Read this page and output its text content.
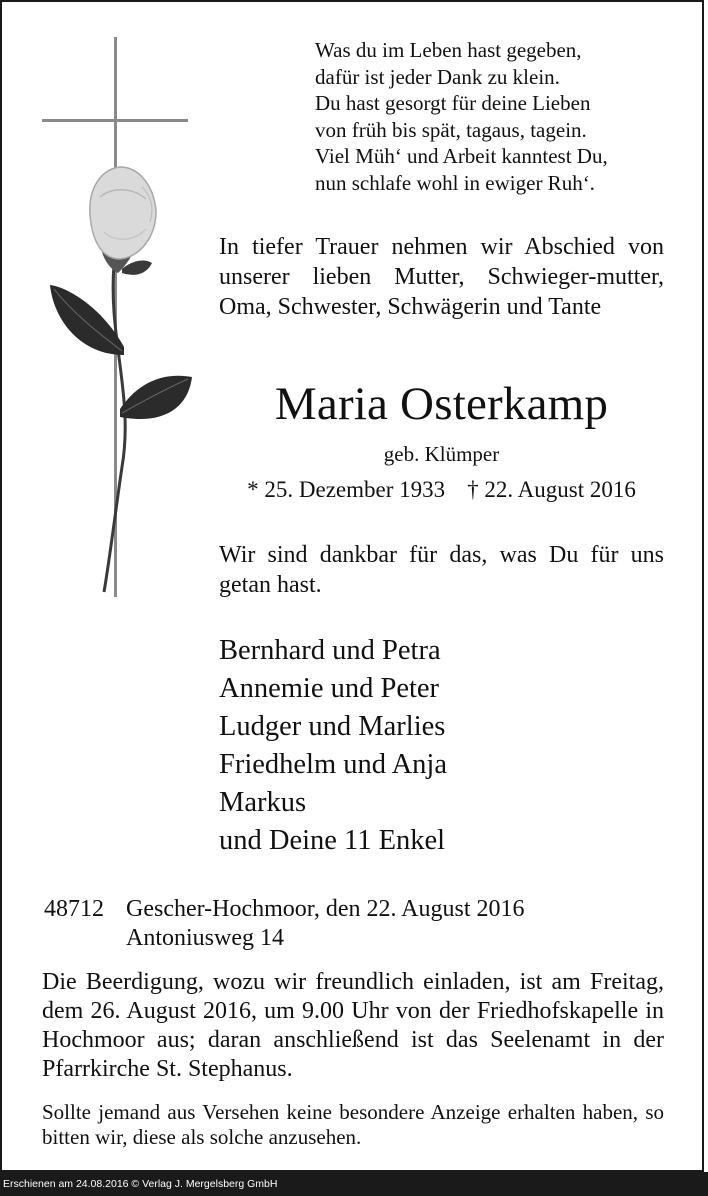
Was du im Leben hast gegeben,
dafür ist jeder Dank zu klein.
Du hast gesorgt für deine Lieben
von früh bis spät, tagaus, tagein.
Viel Müh‘ und Arbeit kanntest Du,
nun schlafe wohl in ewiger Ruh‘.
In tiefer Trauer nehmen wir Abschied von unserer lieben Mutter, Schwieger-mutter, Oma, Schwester, Schwägerin und Tante
Maria Osterkamp
geb. Klümper
* 25. Dezember 1933 † 22. August 2016
Wir sind dankbar für das, was Du für uns getan hast.
Bernhard und Petra
Annemie und Peter
Ludger und Marlies
Friedhelm und Anja
Markus
und Deine 11 Enkel
48712 Gescher-Hochmoor, den 22. August 2016
Antoniusweg 14
Die Beerdigung, wozu wir freundlich einladen, ist am Freitag, dem 26. August 2016, um 9.00 Uhr von der Friedhofskapelle in Hochmoor aus; daran anschließend ist das Seelenamt in der Pfarrkirche St. Stephanus.
Sollte jemand aus Versehen keine besondere Anzeige erhalten haben, so bitten wir, diese als solche anzusehen.
Erschienen am 24.08.2016 © Verlag J. Mergelsberg GmbH
